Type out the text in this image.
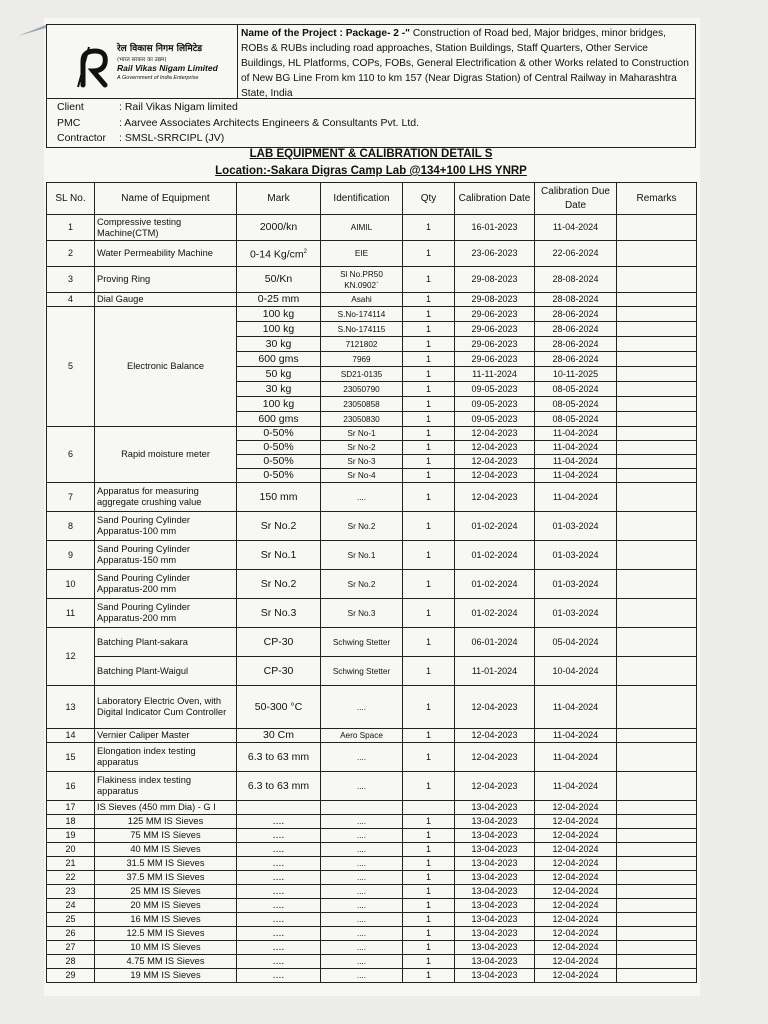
रेल विकास निगम लिमिटेड
(भारत सरकार का उद्यम)
Rail Vikas Nigam Limited
A Government of India Enterprise
Name of the Project : Package- 2 -" Construction of Road bed, Major bridges, minor bridges, ROBs & RUBs including road approaches, Station Buildings, Staff Quarters, Other Service Buildings, HL Platforms, COPs, FOBs, General Electrification & other Works related to Construction of New BG Line From km 110 to km 157 (Near Digras Station) of Central Railway in Maharashtra State, India
Client	: Rail Vikas Nigam limited
PMC	: Aarvee Associates Architects Engineers & Consultants Pvt. Ltd.
Contractor : SMSL-SRRCIPL (JV)
LAB EQUIPMENT & CALIBRATION DETAIL S
Location:-Sakara Digras Camp Lab @134+100 LHS YNRP
SL No.	Name of Equipment	Mark	Identification	Qty	Calibration Date	Calibration Due Date	Remarks
1	Compressive testing Machine(CTM)	2000/kn	AIMIL	1	16-01-2023	11-04-2024	
2	Water Permeability Machine	0-14 $Kg/cm^2$	EIE	1	23-06-2023	22-06-2024	
3	Proving Ring	50/Kn	Sl No.PR50 KN.0902`	1	29-08-2023	28-08-2024	
4	Dial Gauge	0-25 mm	Asahi	1	29-08-2023	28-08-2024	
5	Electronic Balance	100 kg	S.No-174114	1	29-06-2023	28-06-2024	
		100 kg	S.No-174115	1	29-06-2023	28-06-2024	
		30 kg	7121802	1	29-06-2023	28-06-2024	
		600 gms	7969	1	29-06-2023	28-06-2024	
		50 kg	SD21-0135	1	11-11-2024	10-11-2025	
		30 kg	23050790	1	09-05-2023	08-05-2024	
		100 kg	23050858	1	09-05-2023	08-05-2024	
		600 gms	23050830	1	09-05-2023	08-05-2024	
6	Rapid moisture meter	0-50%	Sr No-1	1	12-04-2023	11-04-2024	
		0-50%	Sr No-2	1	12-04-2023	11-04-2024	
		0-50%	Sr No-3	1	12-04-2023	11-04-2024	
		0-50%	Sr No-4	1	12-04-2023	11-04-2024	
7	Apparatus for measuring aggregate crushing value	150 mm	....	1	12-04-2023	11-04-2024	
8	Sand Pouring Cylinder Apparatus-100 mm	Sr No.2	Sr No.2	1	01-02-2024	01-03-2024	
9	Sand Pouring Cylinder Apparatus-150 mm	Sr No.1	Sr No.1	1	01-02-2024	01-03-2024	
10	Sand Pouring Cylinder Apparatus-200 mm	Sr No.2	Sr No.2	1	01-02-2024	01-03-2024	
11	Sand Pouring Cylinder Apparatus-200 mm	Sr No.3	Sr No.3	1	01-02-2024	01-03-2024	
12	Batching Plant-sakara	CP-30	Schwing Stetter	1	06-01-2024	05-04-2024	
	Batching Plant-Waigul	CP-30	Schwing Stetter	1	11-01-2024	10-04-2024	
13	Laboratory Electric Oven, with Digital Indicator Cum Controller	50-300 °C	....	1	12-04-2023	11-04-2024	
14	Vernier Caliper Master	30 Cm	Aero Space	1	12-04-2023	11-04-2024	
15	Elongation index testing apparatus	6.3 to 63 mm	....	1	12-04-2023	11-04-2024	
16	Flakiness index testing apparatus	6.3 to 63 mm	....	1	12-04-2023	11-04-2024	
17	IS Sieves (450 mm Dia) - G I				13-04-2023	12-04-2024	
18	125 MM IS Sieves	....	....	1	13-04-2023	12-04-2024	
19	75 MM IS Sieves	....	....	1	13-04-2023	12-04-2024	
20	40 MM IS Sieves	....	....	1	13-04-2023	12-04-2024	
21	31.5 MM IS Sieves	....	....	1	13-04-2023	12-04-2024	
22	37.5 MM IS Sieves	....	....	1	13-04-2023	12-04-2024	
23	25 MM IS Sieves	....	....	1	13-04-2023	12-04-2024	
24	20 MM IS Sieves	....	....	1	13-04-2023	12-04-2024	
25	16 MM IS Sieves	....	....	1	13-04-2023	12-04-2024	
26	12.5 MM IS Sieves	....	....	1	13-04-2023	12-04-2024	
27	10 MM IS Sieves	....	....	1	13-04-2023	12-04-2024	
28	4.75 MM IS Sieves	....	....	1	13-04-2023	12-04-2024	
29	19 MM IS Sieves	....	....	1	13-04-2023	12-04-2024	
